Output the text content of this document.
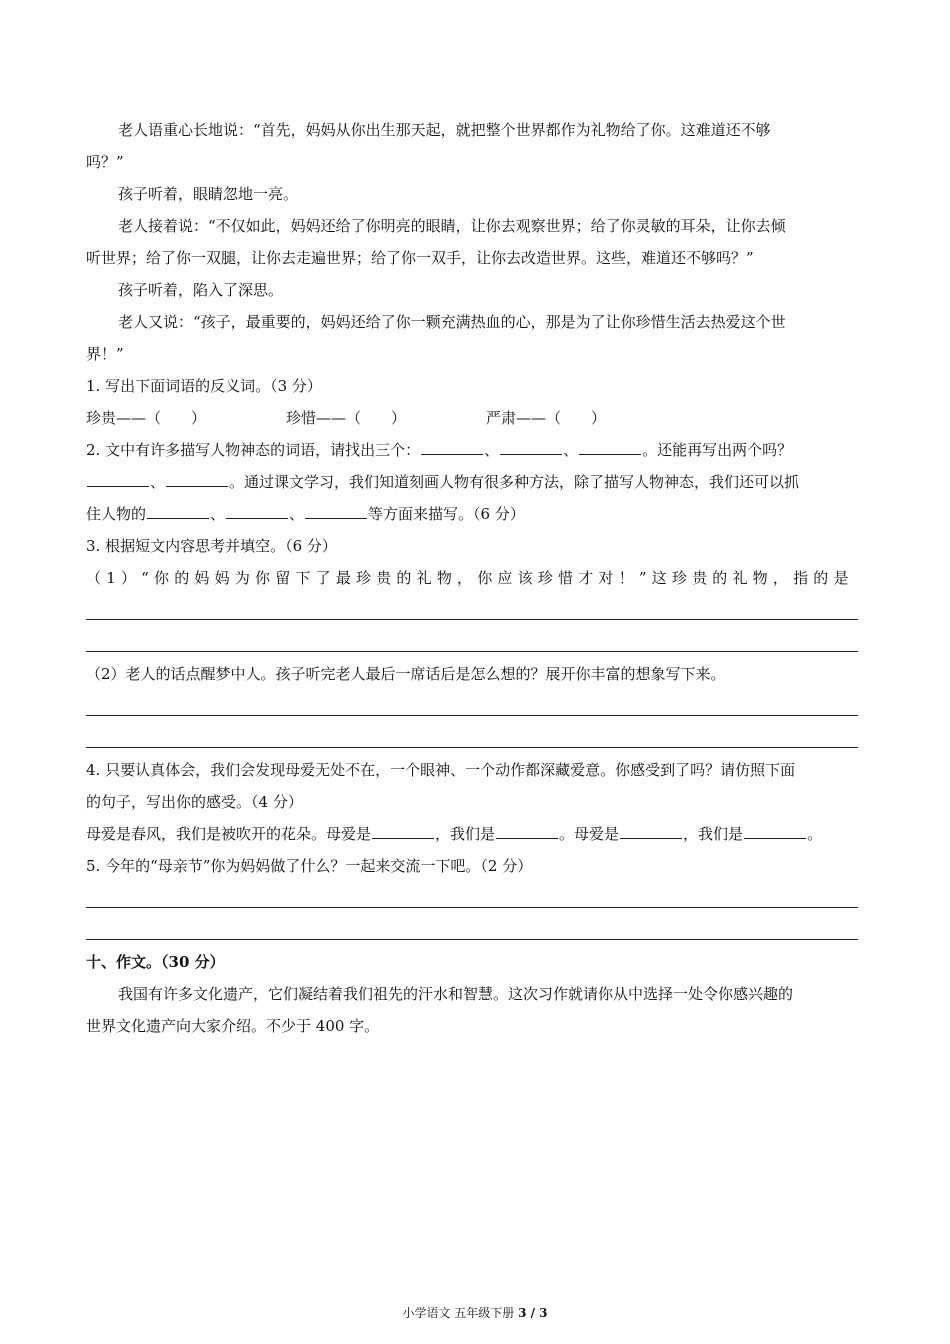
老人语重心长地说：“首先，妈妈从你出生那天起，就把整个世界都作为礼物给了你。这难道还不够
吗？”
孩子听着，眼睛忽地一亮。
老人接着说：“不仅如此，妈妈还给了你明亮的眼睛，让你去观察世界；给了你灵敏的耳朵，让你去倾
听世界；给了你一双腿，让你去走遍世界；给了你一双手，让你去改造世界。这些，难道还不够吗？”
孩子听着，陷入了深思。
老人又说：“孩子，最重要的，妈妈还给了你一颗充满热血的心，那是为了让你珍惜生活去热爱这个世
界！”
1. 写出下面词语的反义词。（3 分）
珍贵——（　　）	珍惜——（　　）	严肃——（　　）
2. 文中有许多描写人物神态的词语，请找出三个：	、	、	。还能再写出两个吗？
、	。通过课文学习，我们知道刻画人物有很多种方法，除了描写人物神态，我们还可以抓
住人物的	、	、	等方面来描写。（6 分）
3. 根据短文内容思考并填空。（6 分）
（1）“你的妈妈为你留下了最珍贵的礼物，你应该珍惜才对！”这珍贵的礼物，指的是
（2）老人的话点醒梦中人。孩子听完老人最后一席话后是怎么想的？展开你丰富的想象写下来。
4. 只要认真体会，我们会发现母爱无处不在，一个眼神、一个动作都深藏爱意。你感受到了吗？请仿照下面
的句子，写出你的感受。（4 分）
母爱是春风，我们是被吹开的花朵。母爱是	，我们是	。母爱是	，我们是	。
5. 今年的“母亲节”你为妈妈做了什么？一起来交流一下吧。（2 分）
十、作文。（30 分）
我国有许多文化遗产，它们凝结着我们祖先的汗水和智慧。这次习作就请你从中选择一处令你感兴趣的
世界文化遗产向大家介绍。不少于 400 字。
小学语文 五年级下册 3 / 3
